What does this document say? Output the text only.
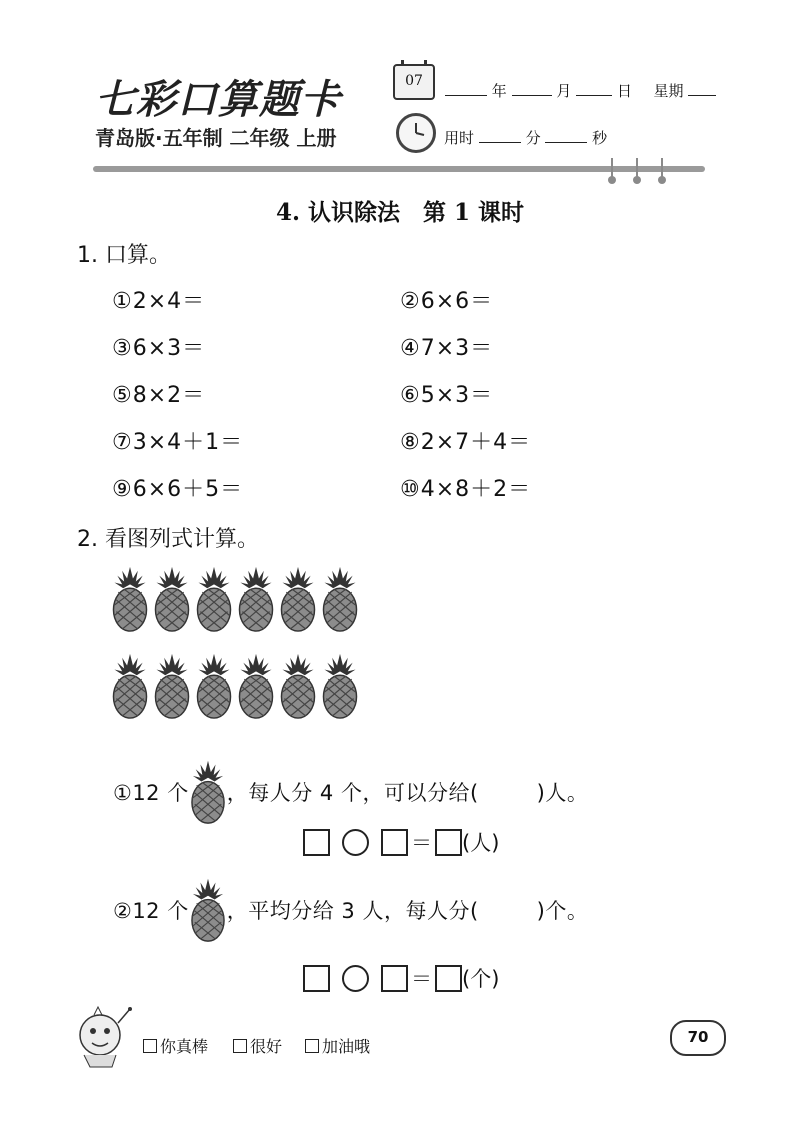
七彩口算题卡
青岛版·五年制 二年级 上册
07
年	月	日 星期
用时	分	秒
4. 认识除法　第 1 课时
1. 口算。
①2×4＝	②6×6＝
③6×3＝	④7×3＝
⑤8×2＝	⑥5×3＝
⑦3×4＋1＝	⑧2×7＋4＝
⑨6×6＋5＝	⑩4×8＋2＝
2. 看图列式计算。
①12 个 ，每人分 4 个，可以分给(	)人。
＝ (人)
②12 个 ，平均分给 3 人，每人分(	)个。
＝ (个)
你真棒	很好	加油哦	70
